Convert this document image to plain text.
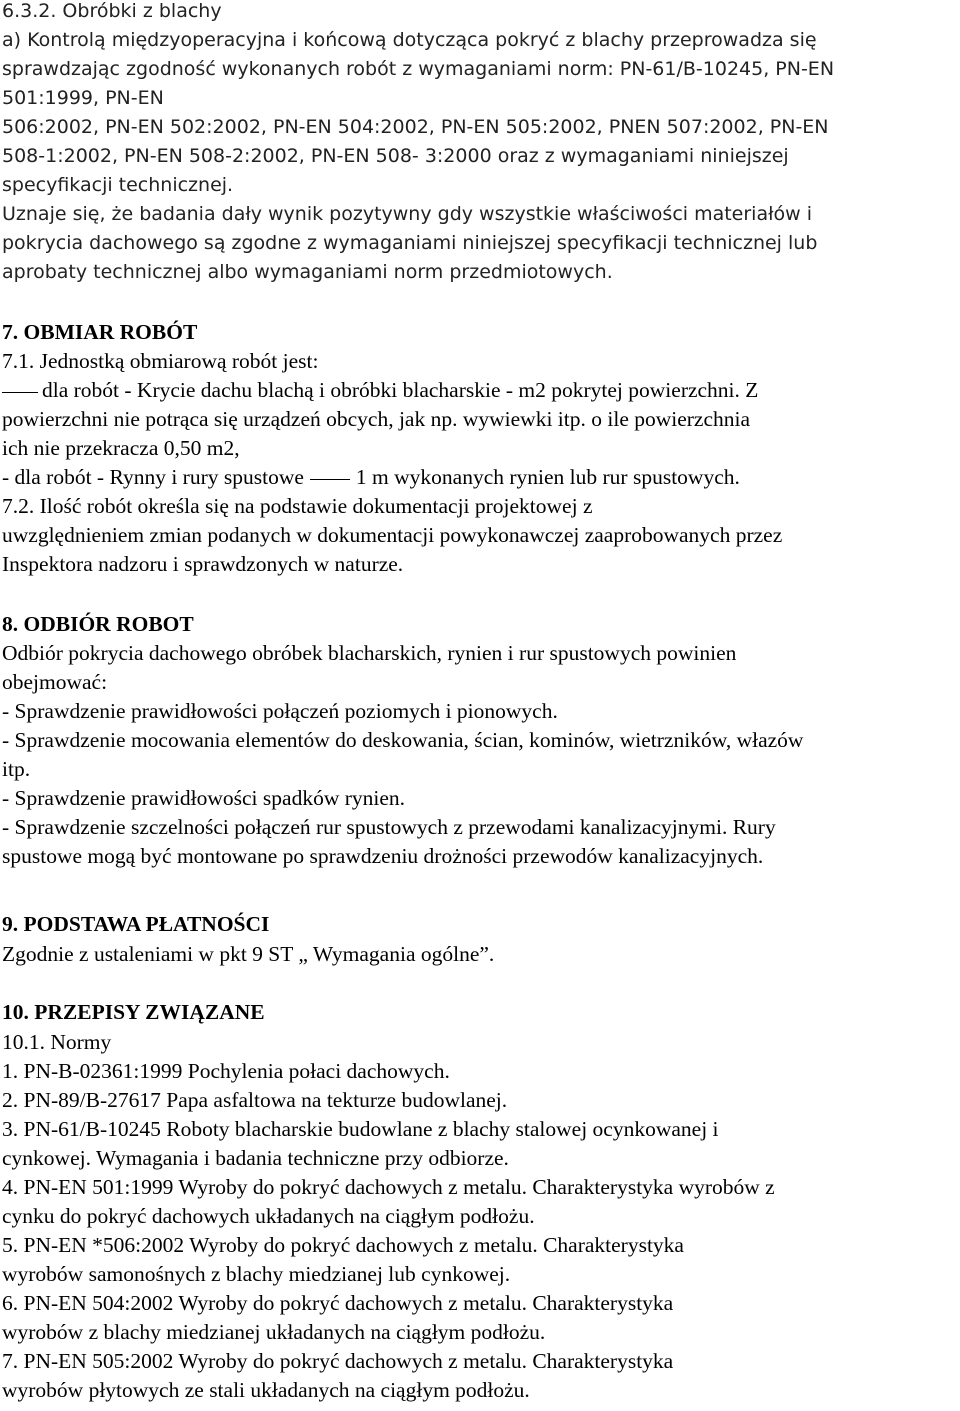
6.3.2. Obróbki z blachy
a) Kontrolą międzyoperacyjna i końcową dotycząca pokryć z blachy przeprowadza się
sprawdzając zgodność wykonanych robót z wymaganiami norm: PN-61/B-10245, PN-EN
501:1999, PN-EN
506:2002, PN-EN 502:2002, PN-EN 504:2002, PN-EN 505:2002, PNEN 507:2002, PN-EN
508-1:2002, PN-EN 508-2:2002, PN-EN 508- 3:2000 oraz z wymaganiami niniejszej
specyfikacji technicznej.
Uznaje się, że badania dały wynik pozytywny gdy wszystkie właściwości materiałów i
pokrycia dachowego są zgodne z wymaganiami niniejszej specyfikacji technicznej lub
aprobaty technicznej albo wymaganiami norm przedmiotowych.
7. OBMIAR ROBÓT
7.1. Jednostką obmiarową robót jest:
dla robót - Krycie dachu blachą i obróbki blacharskie - m2 pokrytej powierzchni. Z
powierzchni nie potrąca się urządzeń obcych, jak np. wywiewki itp. o ile powierzchnia
ich nie przekracza 0,50 m2,
- dla robót - Rynny i rury spustowe 1 m wykonanych rynien lub rur spustowych.
7.2. Ilość robót określa się na podstawie dokumentacji projektowej z
uwzględnieniem zmian podanych w dokumentacji powykonawczej zaaprobowanych przez
Inspektora nadzoru i sprawdzonych w naturze.
8. ODBIÓR ROBOT
Odbiór pokrycia dachowego obróbek blacharskich, rynien i rur spustowych powinien
obejmować:
- Sprawdzenie prawidłowości połączeń poziomych i pionowych.
- Sprawdzenie mocowania elementów do deskowania, ścian, kominów, wietrzników, włazów
itp.
- Sprawdzenie prawidłowości spadków rynien.
- Sprawdzenie szczelności połączeń rur spustowych z przewodami kanalizacyjnymi. Rury
spustowe mogą być montowane po sprawdzeniu drożności przewodów kanalizacyjnych.
9. PODSTAWA PŁATNOŚCI
Zgodnie z ustaleniami w pkt 9 ST „ Wymagania ogólne”.
10. PRZEPISY ZWIĄZANE
10.1. Normy
1. PN-B-02361:1999 Pochylenia połaci dachowych.
2. PN-89/B-27617 Papa asfaltowa na tekturze budowlanej.
3. PN-61/B-10245 Roboty blacharskie budowlane z blachy stalowej ocynkowanej i
cynkowej. Wymagania i badania techniczne przy odbiorze.
4. PN-EN 501:1999 Wyroby do pokryć dachowych z metalu. Charakterystyka wyrobów z
cynku do pokryć dachowych układanych na ciągłym podłożu.
5. PN-EN *506:2002 Wyroby do pokryć dachowych z metalu. Charakterystyka
wyrobów samonośnych z blachy miedzianej lub cynkowej.
6. PN-EN 504:2002 Wyroby do pokryć dachowych z metalu. Charakterystyka
wyrobów z blachy miedzianej układanych na ciągłym podłożu.
7. PN-EN 505:2002 Wyroby do pokryć dachowych z metalu. Charakterystyka
wyrobów płytowych ze stali układanych na ciągłym podłożu.
